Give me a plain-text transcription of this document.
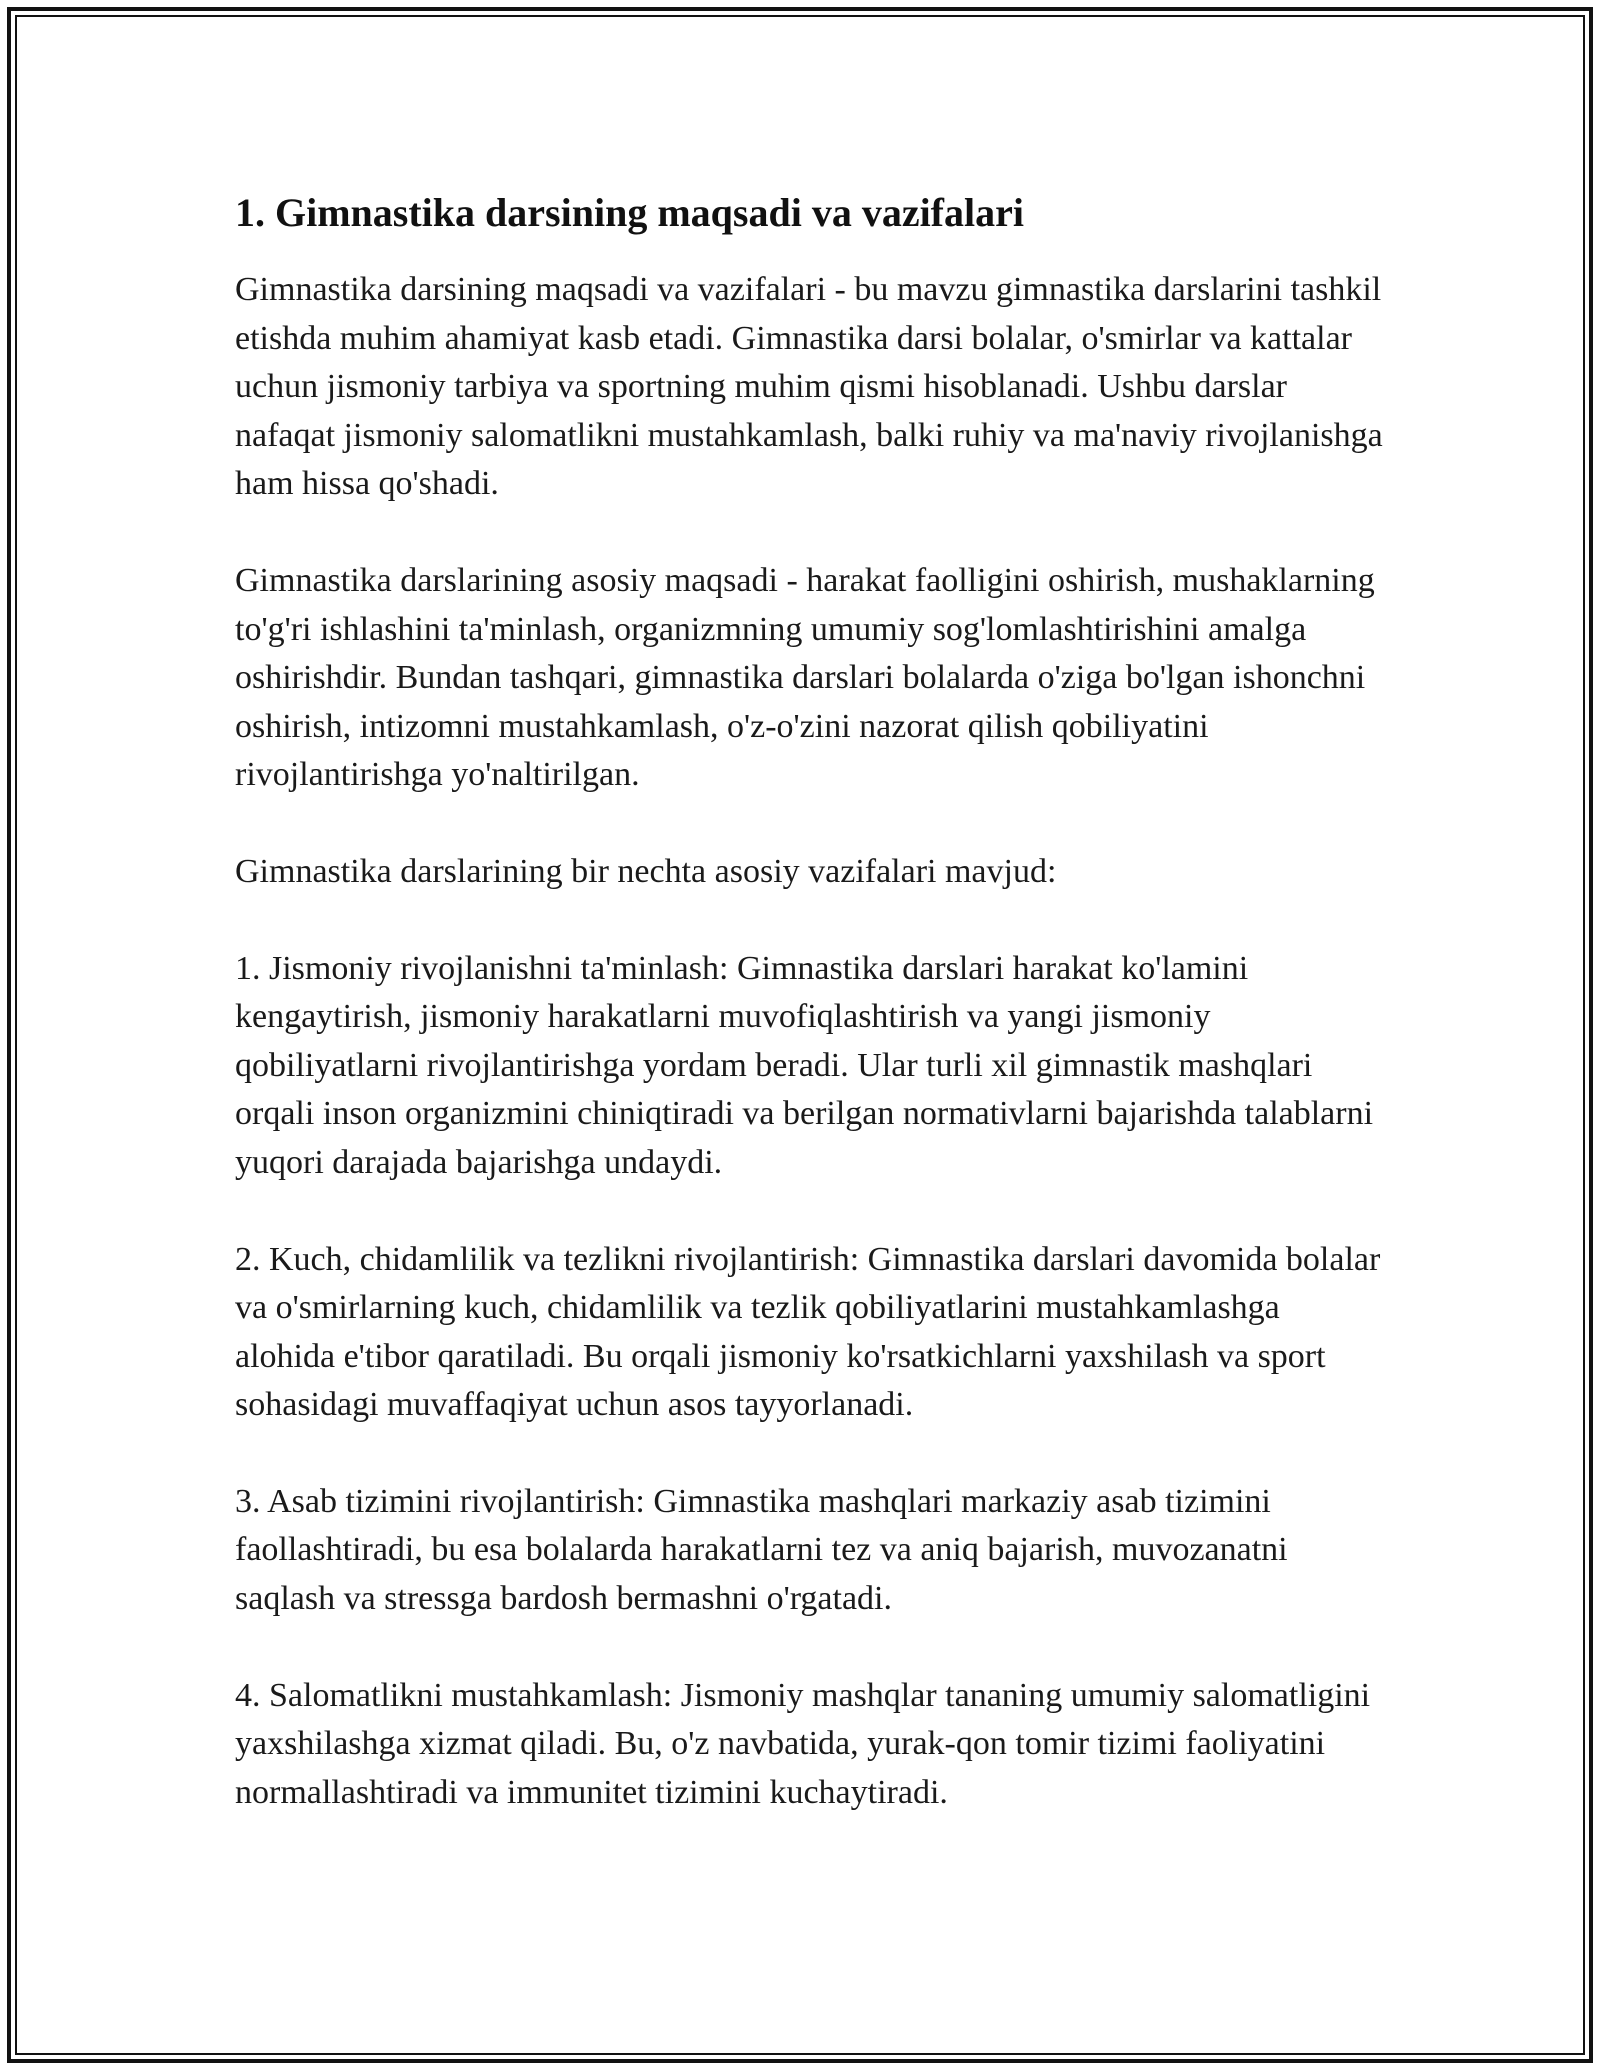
1. Gimnastika darsining maqsadi va vazifalari

Gimnastika darsining maqsadi va vazifalari - bu mavzu gimnastika darslarini tashkil etishda muhim ahamiyat kasb etadi. Gimnastika darsi bolalar, o'smirlar va kattalar uchun jismoniy tarbiya va sportning muhim qismi hisoblanadi. Ushbu darslar nafaqat jismoniy salomatlikni mustahkamlash, balki ruhiy va ma'naviy rivojlanishga ham hissa qo'shadi.

Gimnastika darslarining asosiy maqsadi - harakat faolligini oshirish, mushaklarning to'g'ri ishlashini ta'minlash, organizmning umumiy sog'lomlashtirishini amalga oshirishdir. Bundan tashqari, gimnastika darslari bolalarda o'ziga bo'lgan ishonchni oshirish, intizomni mustahkamlash, o'z-o'zini nazorat qilish qobiliyatini rivojlantirishga yo'naltirilgan.

Gimnastika darslarining bir nechta asosiy vazifalari mavjud:

1. Jismoniy rivojlanishni ta'minlash: Gimnastika darslari harakat ko'lamini kengaytirish, jismoniy harakatlarni muvofiqlashtirish va yangi jismoniy qobiliyatlarni rivojlantirishga yordam beradi. Ular turli xil gimnastik mashqlari orqali inson organizmini chiniqtiradi va berilgan normativlarni bajarishda talablarni yuqori darajada bajarishga undaydi.

2. Kuch, chidamlilik va tezlikni rivojlantirish: Gimnastika darslari davomida bolalar va o'smirlarning kuch, chidamlilik va tezlik qobiliyatlarini mustahkamlashga alohida e'tibor qaratiladi. Bu orqali jismoniy ko'rsatkichlarni yaxshilash va sport sohasidagi muvaffaqiyat uchun asos tayyorlanadi.

3. Asab tizimini rivojlantirish: Gimnastika mashqlari markaziy asab tizimini faollashtiradi, bu esa bolalarda harakatlarni tez va aniq bajarish, muvozanatni saqlash va stressga bardosh bermashni o'rgatadi.

4. Salomatlikni mustahkamlash: Jismoniy mashqlar tananing umumiy salomatligini yaxshilashga xizmat qiladi. Bu, o'z navbatida, yurak-qon tomir tizimi faoliyatini normallashtiradi va immunitet tizimini kuchaytiradi.
